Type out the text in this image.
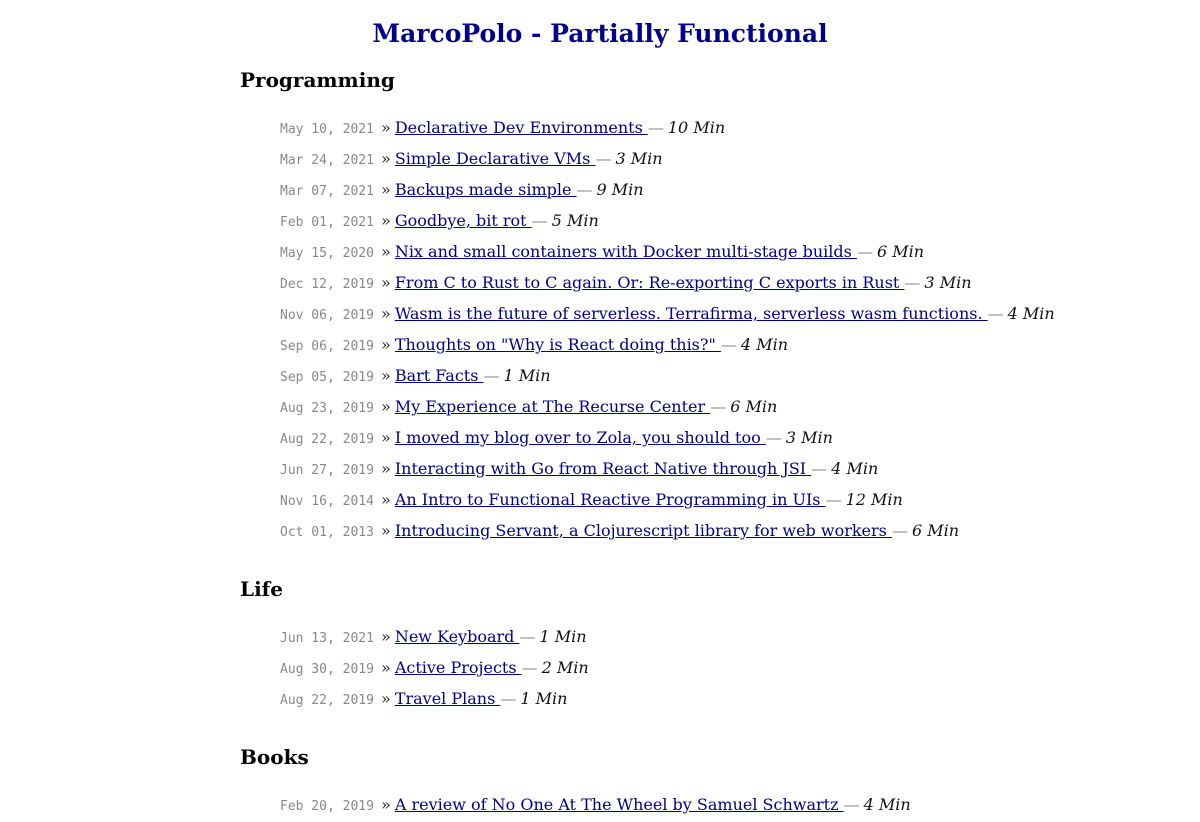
MarcoPolo - Partially Functional
Programming
May 10, 2021 » Declarative Dev Environments — 10 Min
Mar 24, 2021 » Simple Declarative VMs — 3 Min
Mar 07, 2021 » Backups made simple — 9 Min
Feb 01, 2021 » Goodbye, bit rot — 5 Min
May 15, 2020 » Nix and small containers with Docker multi-stage builds — 6 Min
Dec 12, 2019 » From C to Rust to C again. Or: Re-exporting C exports in Rust — 3 Min
Nov 06, 2019 » Wasm is the future of serverless. Terrafirma, serverless wasm functions. — 4 Min
Sep 06, 2019 » Thoughts on "Why is React doing this?" — 4 Min
Sep 05, 2019 » Bart Facts — 1 Min
Aug 23, 2019 » My Experience at The Recurse Center — 6 Min
Aug 22, 2019 » I moved my blog over to Zola, you should too — 3 Min
Jun 27, 2019 » Interacting with Go from React Native through JSI — 4 Min
Nov 16, 2014 » An Intro to Functional Reactive Programming in UIs — 12 Min
Oct 01, 2013 » Introducing Servant, a Clojurescript library for web workers — 6 Min
Life
Jun 13, 2021 » New Keyboard — 1 Min
Aug 30, 2019 » Active Projects — 2 Min
Aug 22, 2019 » Travel Plans — 1 Min
Books
Feb 20, 2019 » A review of No One At The Wheel by Samuel Schwartz — 4 Min
